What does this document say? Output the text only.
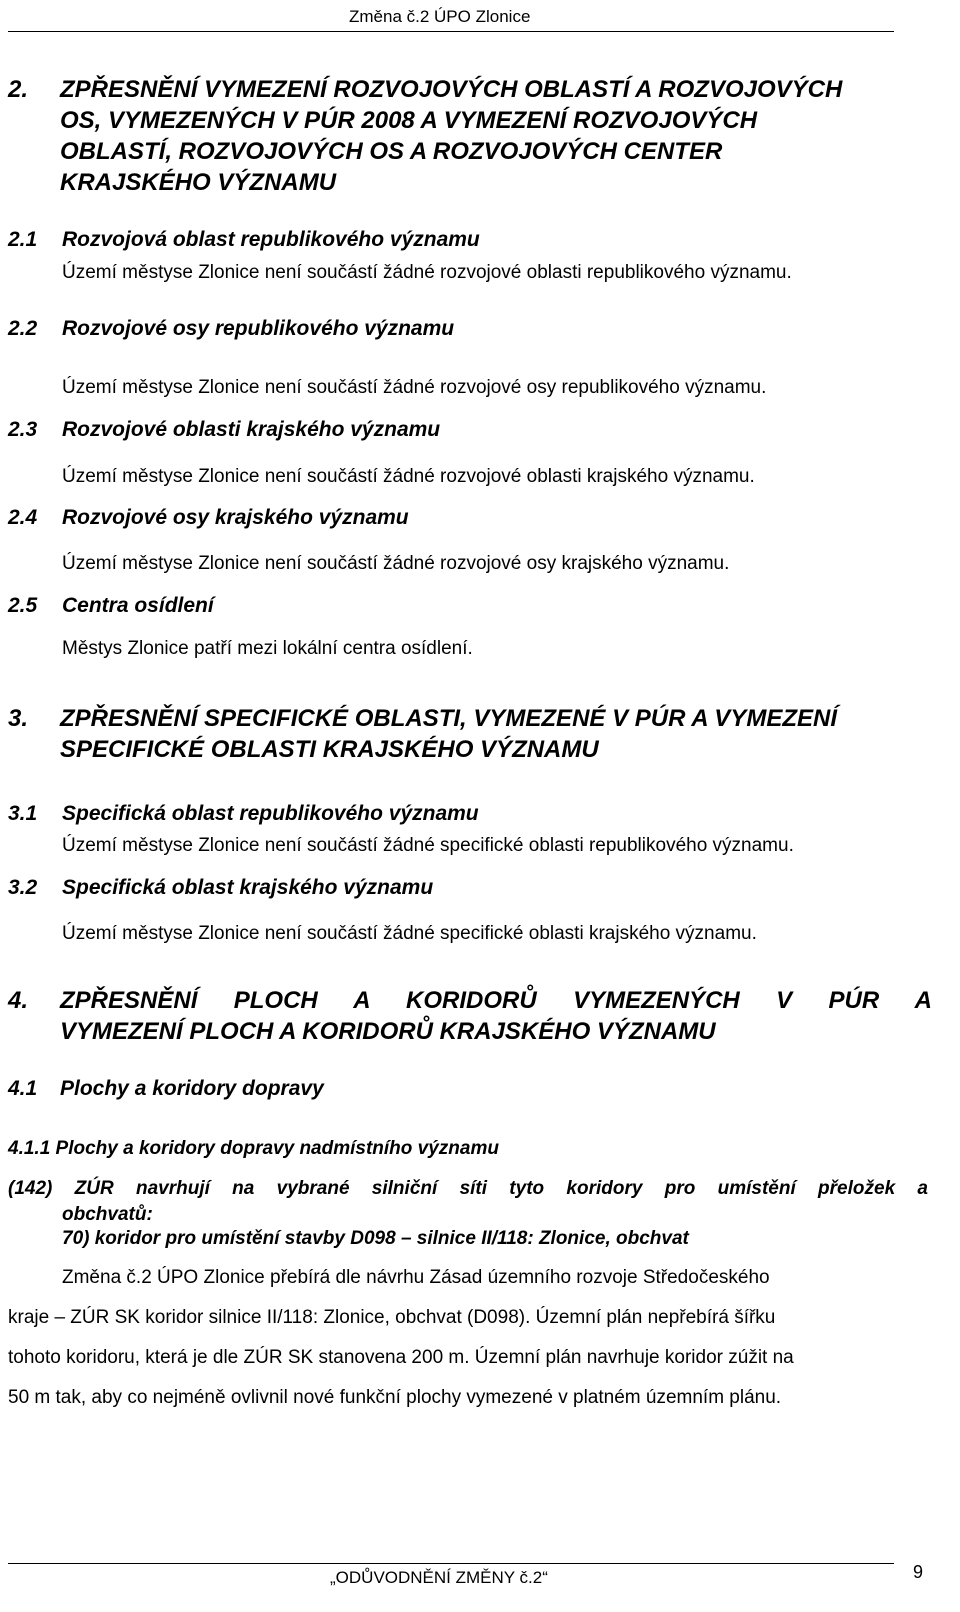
Změna č.2 ÚPO Zlonice
2. ZPŘESNĚNÍ VYMEZENÍ ROZVOJOVÝCH OBLASTÍ A ROZVOJOVÝCH
OS, VYMEZENÝCH V PÚR 2008 A VYMEZENÍ ROZVOJOVÝCH
OBLASTÍ, ROZVOJOVÝCH OS A ROZVOJOVÝCH CENTER
KRAJSKÉHO VÝZNAMU
2.1 Rozvojová oblast republikového významu
Území městyse Zlonice není součástí žádné rozvojové oblasti republikového významu.
2.2 Rozvojové osy republikového významu
Území městyse Zlonice není součástí žádné rozvojové osy republikového významu.
2.3 Rozvojové oblasti krajského významu
Území městyse Zlonice není součástí žádné rozvojové oblasti krajského významu.
2.4 Rozvojové osy krajského významu
Území městyse Zlonice není součástí žádné rozvojové osy krajského významu.
2.5 Centra osídlení
Městys Zlonice patří mezi lokální centra osídlení.
3. ZPŘESNĚNÍ SPECIFICKÉ OBLASTI, VYMEZENÉ V PÚR A VYMEZENÍ
SPECIFICKÉ OBLASTI KRAJSKÉHO VÝZNAMU
3.1 Specifická oblast republikového významu
Území městyse Zlonice není součástí žádné specifické oblasti republikového významu.
3.2 Specifická oblast krajského významu
Území městyse Zlonice není součástí žádné specifické oblasti krajského významu.
4. ZPŘESNĚNÍ PLOCH A KORIDORŮ VYMEZENÝCH V PÚR A
VYMEZENÍ PLOCH A KORIDORŮ KRAJSKÉHO VÝZNAMU
4.1 Plochy a koridory dopravy
4.1.1 Plochy a koridory dopravy nadmístního významu
(142) ZÚR navrhují na vybrané silniční síti tyto koridory pro umístění přeložek a
obchvatů:
70) koridor pro umístění stavby D098 – silnice II/118: Zlonice, obchvat
Změna č.2 ÚPO Zlonice přebírá dle návrhu Zásad územního rozvoje Středočeského
kraje – ZÚR SK koridor silnice II/118: Zlonice, obchvat (D098). Územní plán nepřebírá šířku
tohoto koridoru, která je dle ZÚR SK stanovena 200 m. Územní plán navrhuje koridor zúžit na
50 m tak, aby co nejméně ovlivnil nové funkční plochy vymezené v platném územním plánu.
„ODŮVODNĚNÍ ZMĚNY č.2“	9
